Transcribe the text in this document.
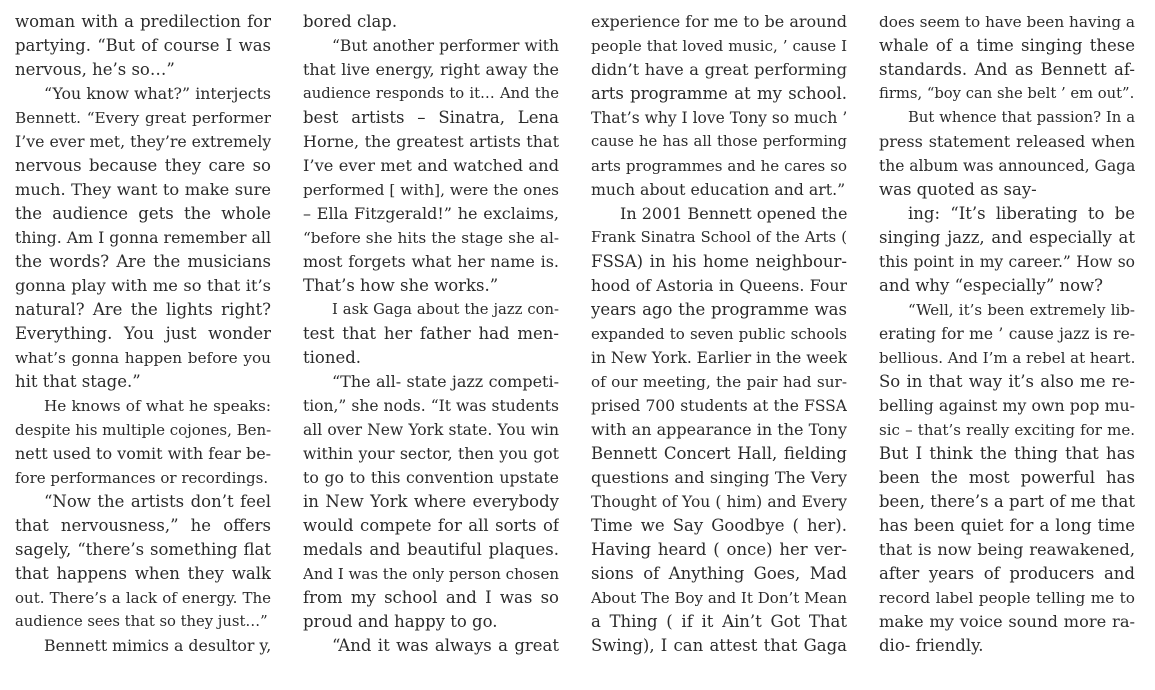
woman with a predilection for
partying. “But of course I was
nervous, he’s so…”
“You know what?” interjects
Bennett. “Every great performer
I’ve ever met, they’re extremely
nervous because they care so
much. They want to make sure
the audience gets the whole
thing. Am I gonna remember all
the words? Are the musicians
gonna play with me so that it’s
natural? Are the lights right?
Everything. You just wonder
what’s gonna happen before you
hit that stage.”
He knows of what he speaks:
despite his multiple cojones, Ben-
nett used to vomit with fear be-
fore performances or recordings.
“Now the artists don’t feel
that nervousness,” he offers
sagely, “there’s something flat
that happens when they walk
out. There’s a lack of energy. The
audience sees that so they just…”
Bennett mimics a desultor y,
bored clap.
“But another performer with
that live energy, right away the
audience responds to it… And the
best artists – Sinatra, Lena
Horne, the greatest artists that
I’ve ever met and watched and
performed [ with], were the ones
– Ella Fitzgerald!” he exclaims,
“before she hits the stage she al-
most forgets what her name is.
That’s how she works.”
I ask Gaga about the jazz con-
test that her father had men-
tioned.
“The all- state jazz competi-
tion,” she nods. “It was students
all over New York state. You win
within your sector, then you got
to go to this convention upstate
in New York where everybody
would compete for all sorts of
medals and beautiful plaques.
And I was the only person chosen
from my school and I was so
proud and happy to go.
“And it was always a great
experience for me to be around
people that loved music, ’ cause I
didn’t have a great performing
arts programme at my school.
That’s why I love Tony so much ’
cause he has all those performing
arts programmes and he cares so
much about education and art.”
In 2001 Bennett opened the
Frank Sinatra School of the Arts (
FSSA) in his home neighbour-
hood of Astoria in Queens. Four
years ago the programme was
expanded to seven public schools
in New York. Earlier in the week
of our meeting, the pair had sur-
prised 700 students at the FSSA
with an appearance in the Tony
Bennett Concert Hall, fielding
questions and singing The Very
Thought of You ( him) and Every
Time we Say Goodbye ( her).
Having heard ( once) her ver-
sions of Anything Goes, Mad
About The Boy and It Don’t Mean
a Thing ( if it Ain’t Got That
Swing), I can attest that Gaga
does seem to have been having a
whale of a time singing these
standards. And as Bennett af-
firms, “boy can she belt ’ em out”.
But whence that passion? In a
press statement released when
the album was announced, Gaga
was quoted as say-
ing: “It’s liberating to be
singing jazz, and especially at
this point in my career.” How so
and why “especially” now?
“Well, it’s been extremely lib-
erating for me ’ cause jazz is re-
bellious. And I’m a rebel at heart.
So in that way it’s also me re-
belling against my own pop mu-
sic – that’s really exciting for me.
But I think the thing that has
been the most powerful has
been, there’s a part of me that
has been quiet for a long time
that is now being reawakened,
after years of producers and
record label people telling me to
make my voice sound more ra-
dio- friendly.
